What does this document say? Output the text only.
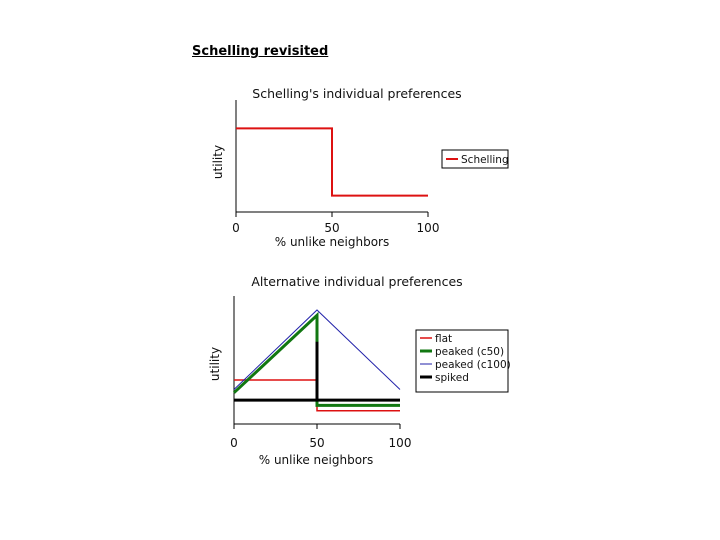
Schelling revisited
Schelling's individual preferences
0	50	100
% unlike neighbors
utility	Schelling
Alternative individual preferences
0	50	100
% unlike neighbors
utility
flat
peaked (c50)
peaked (c100)
spiked
